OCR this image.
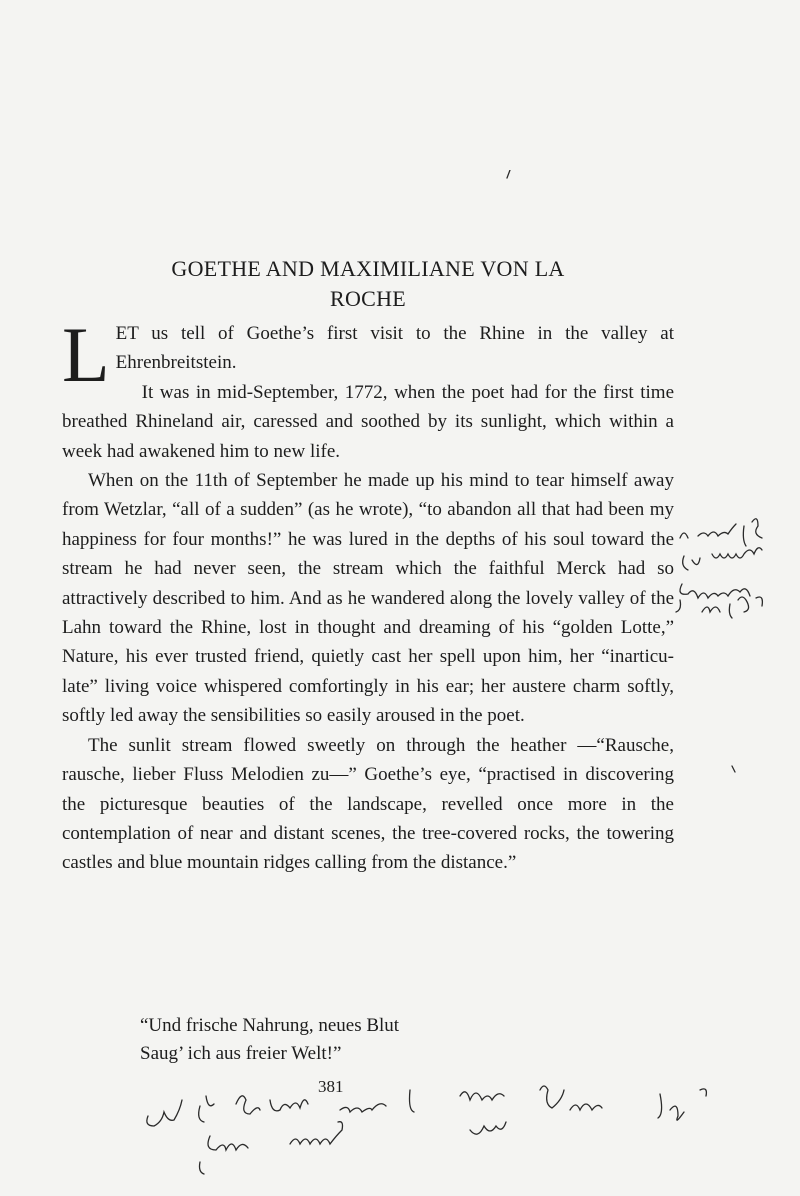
GOETHE AND MAXIMILIANE VON LA
ROCHE

LET us tell of Goethe’s first visit to the Rhine in the valley at Ehrenbreitstein.

It was in mid-September, 1772, when the poet had for the first time breathed Rhineland air, caressed and soothed by its sunlight, which within a week had awakened him to new life.

When on the 11th of September he made up his mind to tear himself away from Wetzlar, “all of a sudden” (as he wrote), “to abandon all that had been my happiness for four months!” he was lured in the depths of his soul toward the stream he had never seen, the stream which the faithful Merck had so attractively described to him. And as he wandered along the lovely valley of the Lahn toward the Rhine, lost in thought and dreaming of his “golden Lotte,” Nature, his ever trusted friend, quietly cast her spell upon him, her “inarticu-late” living voice whispered comfortingly in his ear; her austere charm softly, softly led away the sensibilities so easily aroused in the poet.

The sunlit stream flowed sweetly on through the heather —“Rausche, rausche, lieber Fluss Melodien zu—” Goethe’s eye, “practised in discovering the picturesque beauties of the landscape, revelled once more in the contemplation of near and distant scenes, the tree-covered rocks, the towering castles and blue mountain ridges calling from the distance.”

“Und frische Nahrung, neues Blut
Saug’ ich aus freier Welt!”
381
